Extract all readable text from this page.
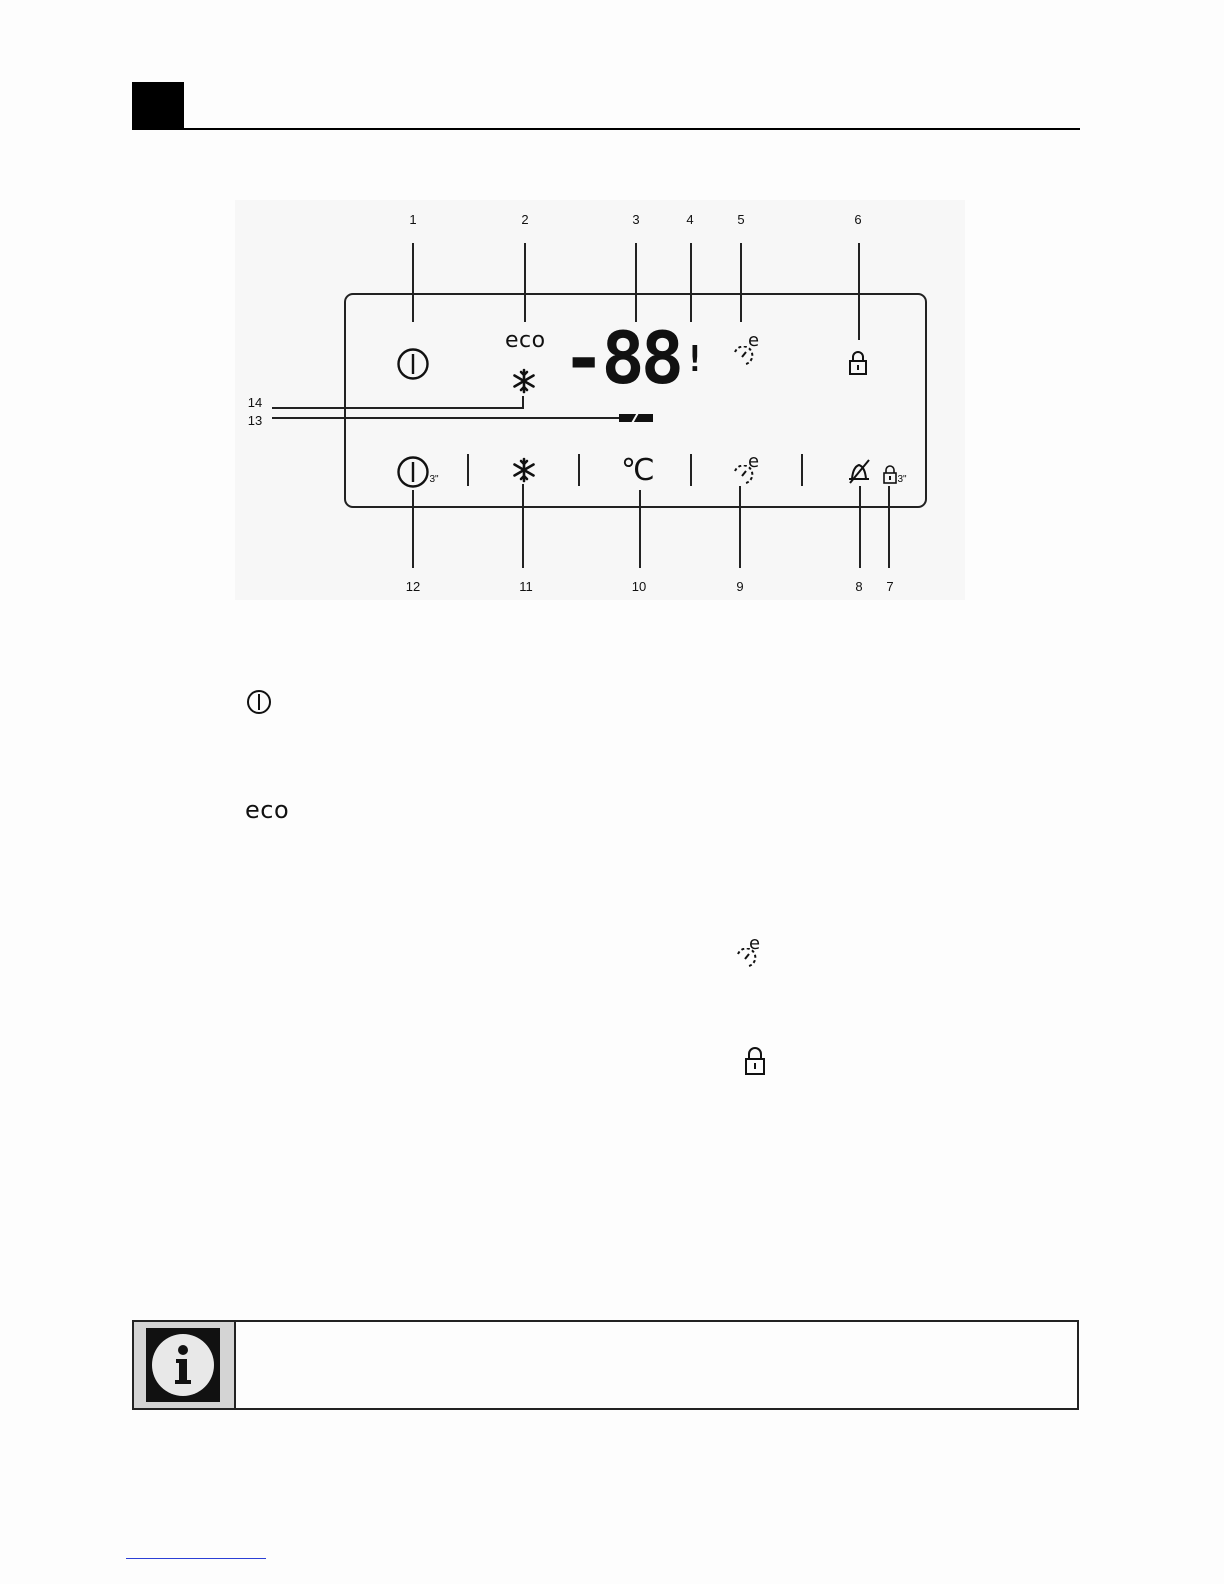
1	2	3	4	5	6
eco -88 ! e
14
13
3"	℃	e
3"
12	11	10	9	8	7
eco
e
